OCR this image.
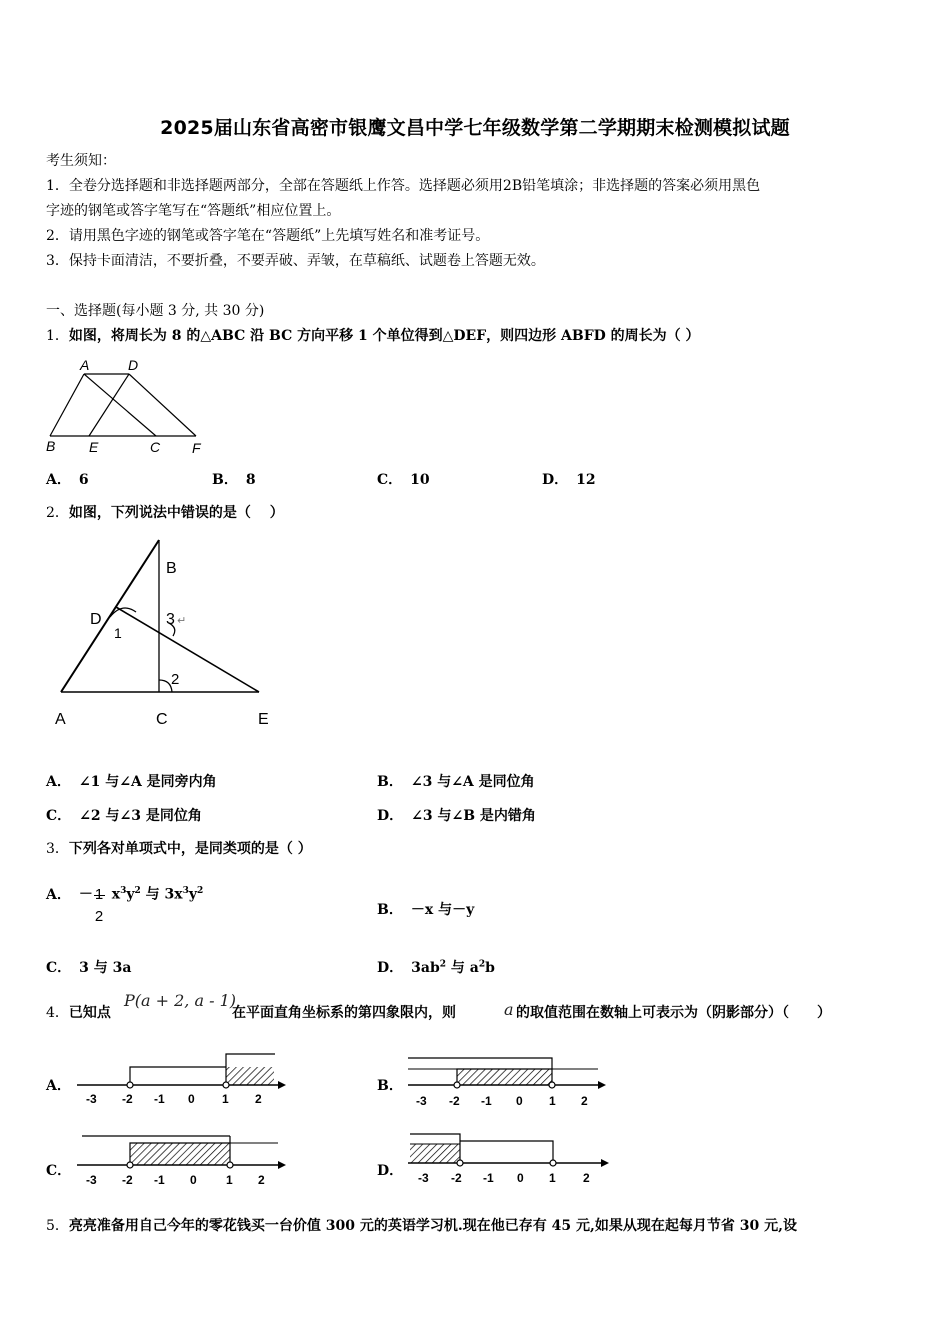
2025届山东省高密市银鹰文昌中学七年级数学第二学期期末检测模拟试题
考生须知：
1．全卷分选择题和非选择题两部分，全部在答题纸上作答。选择题必须用2B铅笔填涂；非选择题的答案必须用黑色
字迹的钢笔或答字笔写在“答题纸”相应位置上。
2．请用黑色字迹的钢笔或答字笔在“答题纸”上先填写姓名和准考证号。
3．保持卡面清洁，不要折叠，不要弄破、弄皱，在草稿纸、试题卷上答题无效。
一、选择题(每小题 3 分, 共 30 分)
1．如图，将周长为 8 的△ABC 沿 BC 方向平移 1 个单位得到△DEF，则四边形 ABFD 的周长为（ ）
A	D
B E	C F
A． 6	B． 8	C． 10	D． 12
2．如图，下列说法中错误的是（　 ）
B
D
1
3 ↵
2
A	C	E
A． ∠1 与∠A 是同旁内角	B． ∠3 与∠A 是同位角
C． ∠2 与∠3 是同位角	D． ∠3 与∠B 是内错角
3．下列各对单项式中，是同类项的是（ ）
A． － 1
2
$x^3y^2$ 与 $3x^3y^2$
B． －x 与－y
C． 3 与 3a	D． $3ab^2$ 与 $a^2b$
4．已知点
P(a + 2, a - 1)
在平面直角坐标系的第四象限内，则	a 的取值范围在数轴上可表示为（阴影部分）（　　）
A．
-3 -2 -1 0 1 2
B．
-3 -2 -1 0 1 2
C．
-3 -2 -1 0 1 2
D． -3 -2 -1 0 1 2
5．亮亮准备用自己今年的零花钱买一台价值 300 元的英语学习机.现在他已存有 45 元,如果从现在起每月节省 30 元,设
